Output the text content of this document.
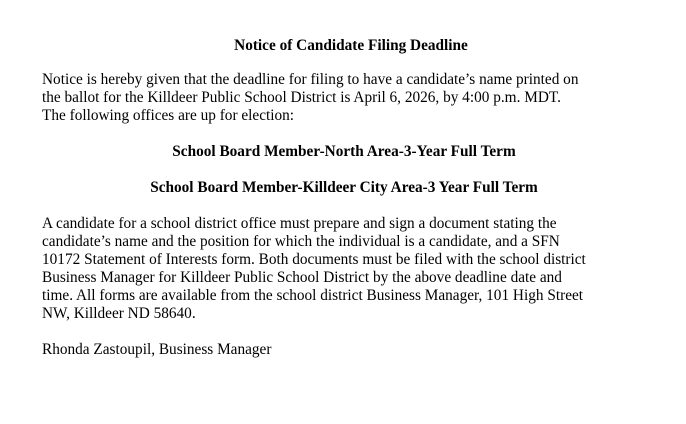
Notice of Candidate Filing Deadline

Notice is hereby given that the deadline for filing to have a candidate’s name printed on
the ballot for the Killdeer Public School District is April 6, 2026, by 4:00 p.m. MDT.
The following offices are up for election:

School Board Member-North Area-3-Year Full Term

School Board Member-Killdeer City Area-3 Year Full Term

A candidate for a school district office must prepare and sign a document stating the
candidate’s name and the position for which the individual is a candidate, and a SFN
10172 Statement of Interests form. Both documents must be filed with the school district
Business Manager for Killdeer Public School District by the above deadline date and
time. All forms are available from the school district Business Manager, 101 High Street
NW, Killdeer ND 58640.

Rhonda Zastoupil, Business Manager
